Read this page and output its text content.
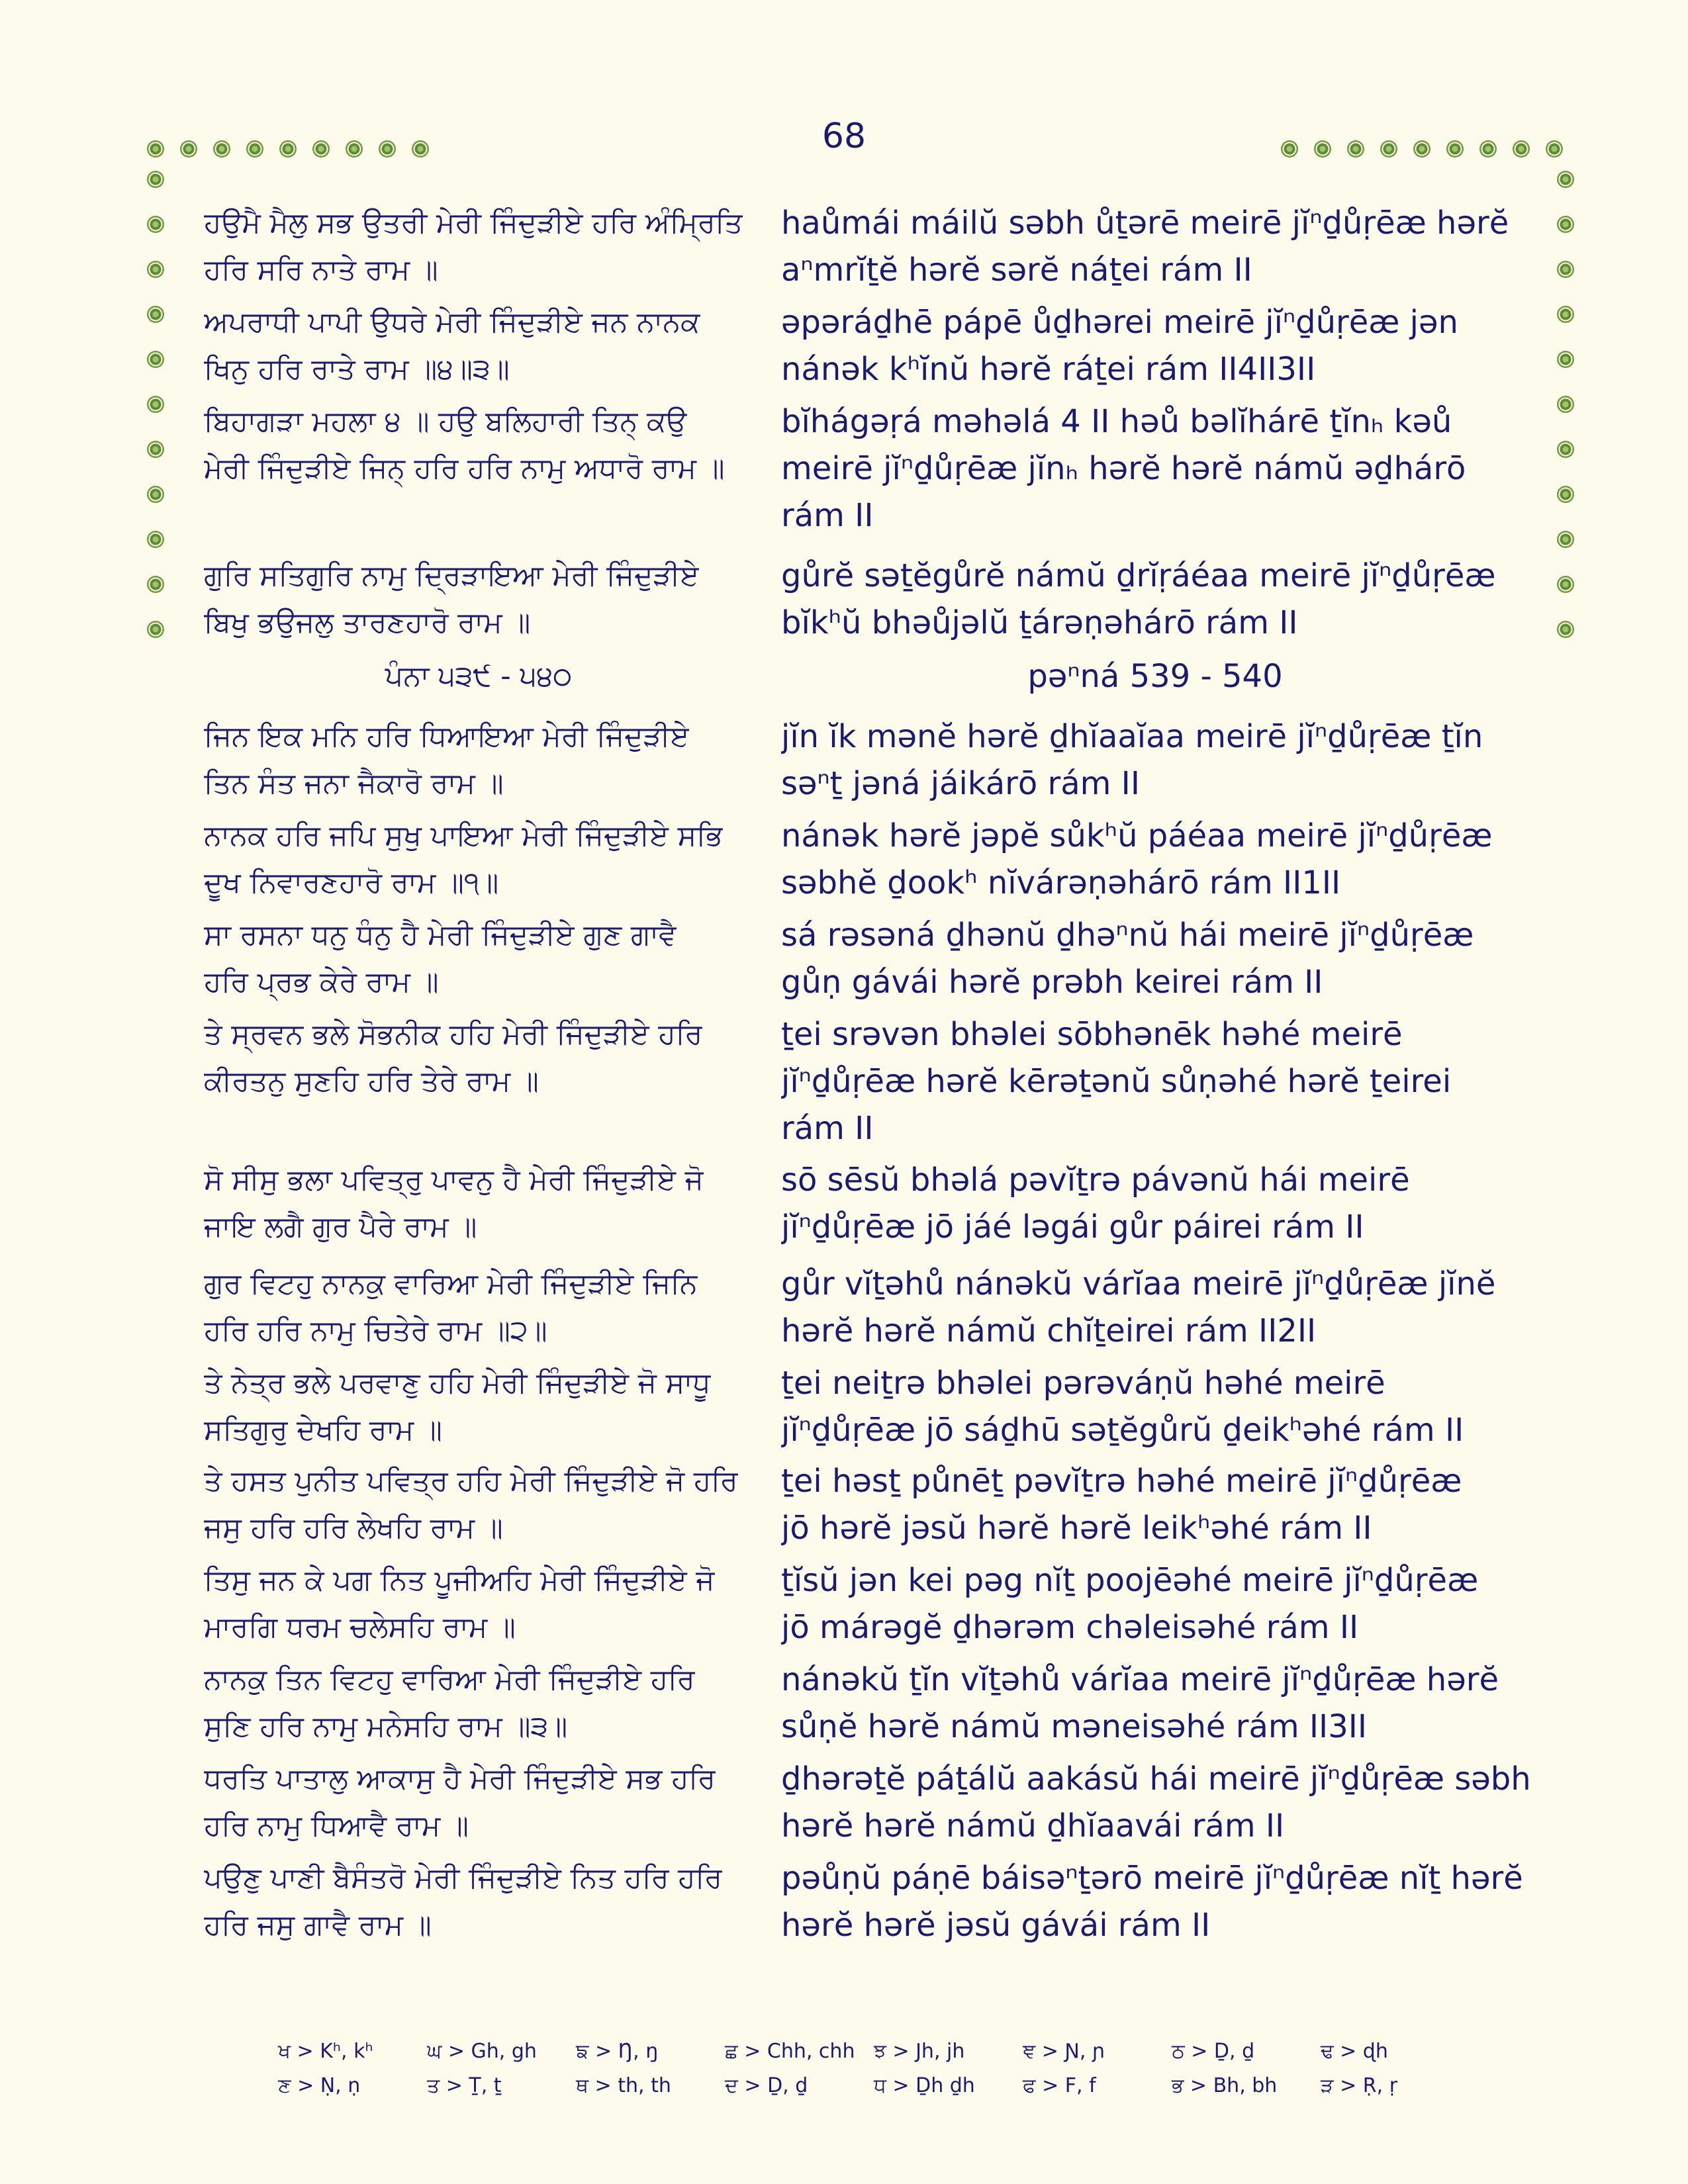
68
ਹਉਮੈ ਮੈਲੁ ਸਭ ਉਤਰੀ ਮੇਰੀ ਜਿੰਦੁੜੀਏ ਹਰਿ ਅੰਮ੍ਰਿਤਿ
ਹਰਿ ਸਰਿ ਨਾਤੇ ਰਾਮ ॥
ਅਪਰਾਧੀ ਪਾਪੀ ਉਧਰੇ ਮੇਰੀ ਜਿੰਦੁੜੀਏ ਜਨ ਨਾਨਕ
ਖਿਨੁ ਹਰਿ ਰਾਤੇ ਰਾਮ ॥੪॥੩॥
ਬਿਹਾਗੜਾ ਮਹਲਾ ੪ ॥ ਹਉ ਬਲਿਹਾਰੀ ਤਿਨ੍ ਕਉ
ਮੇਰੀ ਜਿੰਦੁੜੀਏ ਜਿਨ੍ ਹਰਿ ਹਰਿ ਨਾਮੁ ਅਧਾਰੋ ਰਾਮ ॥
ਗੁਰਿ ਸਤਿਗੁਰਿ ਨਾਮੁ ਦ੍ਰਿੜਾਇਆ ਮੇਰੀ ਜਿੰਦੁੜੀਏ
ਬਿਖੁ ਭਉਜਲੁ ਤਾਰਣਹਾਰੋ ਰਾਮ ॥
ਪੰਨਾ ੫੩੯ - ੫੪੦
ਜਿਨ ਇਕ ਮਨਿ ਹਰਿ ਧਿਆਇਆ ਮੇਰੀ ਜਿੰਦੁੜੀਏ
ਤਿਨ ਸੰਤ ਜਨਾ ਜੈਕਾਰੋ ਰਾਮ ॥
ਨਾਨਕ ਹਰਿ ਜਪਿ ਸੁਖੁ ਪਾਇਆ ਮੇਰੀ ਜਿੰਦੁੜੀਏ ਸਭਿ
ਦੂਖ ਨਿਵਾਰਣਹਾਰੋ ਰਾਮ ॥੧॥
ਸਾ ਰਸਨਾ ਧਨੁ ਧੰਨੁ ਹੈ ਮੇਰੀ ਜਿੰਦੁੜੀਏ ਗੁਣ ਗਾਵੈ
ਹਰਿ ਪ੍ਰਭ ਕੇਰੇ ਰਾਮ ॥
ਤੇ ਸ੍ਰਵਨ ਭਲੇ ਸੋਭਨੀਕ ਹਹਿ ਮੇਰੀ ਜਿੰਦੁੜੀਏ ਹਰਿ
ਕੀਰਤਨੁ ਸੁਣਹਿ ਹਰਿ ਤੇਰੇ ਰਾਮ ॥
ਸੋ ਸੀਸੁ ਭਲਾ ਪਵਿਤ੍ਰੁ ਪਾਵਨੁ ਹੈ ਮੇਰੀ ਜਿੰਦੁੜੀਏ ਜੋ
ਜਾਇ ਲਗੈ ਗੁਰ ਪੈਰੇ ਰਾਮ ॥
ਗੁਰ ਵਿਟਹੁ ਨਾਨਕੁ ਵਾਰਿਆ ਮੇਰੀ ਜਿੰਦੁੜੀਏ ਜਿਨਿ
ਹਰਿ ਹਰਿ ਨਾਮੁ ਚਿਤੇਰੇ ਰਾਮ ॥੨॥
ਤੇ ਨੇਤ੍ਰ ਭਲੇ ਪਰਵਾਣੁ ਹਹਿ ਮੇਰੀ ਜਿੰਦੁੜੀਏ ਜੋ ਸਾਧੂ
ਸਤਿਗੁਰੁ ਦੇਖਹਿ ਰਾਮ ॥
ਤੇ ਹਸਤ ਪੁਨੀਤ ਪਵਿਤ੍ਰ ਹਹਿ ਮੇਰੀ ਜਿੰਦੁੜੀਏ ਜੋ ਹਰਿ
ਜਸੁ ਹਰਿ ਹਰਿ ਲੇਖਹਿ ਰਾਮ ॥
ਤਿਸੁ ਜਨ ਕੇ ਪਗ ਨਿਤ ਪੂਜੀਅਹਿ ਮੇਰੀ ਜਿੰਦੁੜੀਏ ਜੋ
ਮਾਰਗਿ ਧਰਮ ਚਲੇਸਹਿ ਰਾਮ ॥
ਨਾਨਕੁ ਤਿਨ ਵਿਟਹੁ ਵਾਰਿਆ ਮੇਰੀ ਜਿੰਦੁੜੀਏ ਹਰਿ
ਸੁਣਿ ਹਰਿ ਨਾਮੁ ਮਨੇਸਹਿ ਰਾਮ ॥੩॥
ਧਰਤਿ ਪਾਤਾਲੁ ਆਕਾਸੁ ਹੈ ਮੇਰੀ ਜਿੰਦੁੜੀਏ ਸਭ ਹਰਿ
ਹਰਿ ਨਾਮੁ ਧਿਆਵੈ ਰਾਮ ॥
ਪਉਣੁ ਪਾਣੀ ਬੈਸੰਤਰੋ ਮੇਰੀ ਜਿੰਦੁੜੀਏ ਨਿਤ ਹਰਿ ਹਰਿ
ਹਰਿ ਜਸੁ ਗਾਵੈ ਰਾਮ ॥
haůmái máilŭ səbh ůṯərē meirē jĭⁿḏůṛēæ hərĕ
aⁿmrĭṯĕ hərĕ sərĕ náṯei rám II
əpəráḏhē pápē ůḏhərei meirē jĭⁿḏůṛēæ jən
nánək kʰĭnŭ hərĕ ráṯei rám II4II3II
bĭhágəṛá məhəlá 4 II həů bəlĭhárē ṯĭnₕ kəů
meirē jĭⁿḏůṛēæ jĭnₕ hərĕ hərĕ námŭ əḏhárō
rám II
gůrĕ səṯĕgůrĕ námŭ ḏrĭṛáéaa meirē jĭⁿḏůṛēæ
bĭkʰŭ bhəůjəlŭ ṯárəṇəhárō rám II
pəⁿná 539 - 540
jĭn ĭk mənĕ hərĕ ḏhĭaaĭaa meirē jĭⁿḏůṛēæ ṯĭn
səⁿṯ jəná jáikárō rám II
nánək hərĕ jəpĕ sůkʰŭ páéaa meirē jĭⁿḏůṛēæ
səbhĕ ḏookʰ nĭvárəṇəhárō rám II1II
sá rəsəná ḏhənŭ ḏhəⁿnŭ hái meirē jĭⁿḏůṛēæ
gůṇ gávái hərĕ prəbh keirei rám II
ṯei srəvən bhəlei sōbhənēk həhé meirē
jĭⁿḏůṛēæ hərĕ kērəṯənŭ sůṇəhé hərĕ ṯeirei
rám II
sō sēsŭ bhəlá pəvĭṯrə pávənŭ hái meirē
jĭⁿḏůṛēæ jō jáé ləgái gůr páirei rám II
gůr vĭṯəhů nánəkŭ várĭaa meirē jĭⁿḏůṛēæ jĭnĕ
hərĕ hərĕ námŭ chĭṯeirei rám II2II
ṯei neiṯrə bhəlei pərəváṇŭ həhé meirē
jĭⁿḏůṛēæ jō sáḏhū səṯĕgůrŭ ḏeikʰəhé rám II
ṯei həsṯ půnēṯ pəvĭṯrə həhé meirē jĭⁿḏůṛēæ
jō hərĕ jəsŭ hərĕ hərĕ leikʰəhé rám II
ṯĭsŭ jən kei pəg nĭṯ poojēəhé meirē jĭⁿḏůṛēæ
jō márəgĕ ḏhərəm chəleisəhé rám II
nánəkŭ ṯĭn vĭṯəhů várĭaa meirē jĭⁿḏůṛēæ hərĕ
sůṇĕ hərĕ námŭ məneisəhé rám II3II
ḏhərəṯĕ páṯálŭ aakásŭ hái meirē jĭⁿḏůṛēæ səbh
hərĕ hərĕ námŭ ḏhĭaavái rám II
pəůṇŭ páṇē báisəⁿṯərō meirē jĭⁿḏůṛēæ nĭṯ hərĕ
hərĕ hərĕ jəsŭ gávái rám II
ਖ > Kʰ, kʰ	ਘ > Gh, gh	ਙ > Ŋ, ŋ	ਛ > Chh, chh ਝ > Jh, jh	ਞ > Ɲ, ɲ	ਠ > Ḏ, ḏ	ਢ > ɖh
ਣ > Ṇ, ṇ	ਤ > Ṯ, ṯ	ਥ > th, th	ਦ > Ḏ, ḏ	ਧ > Ḏh ḏh	ਫ > F, f	ਭ > Bh, bh	ੜ > Ṛ, ṛ
